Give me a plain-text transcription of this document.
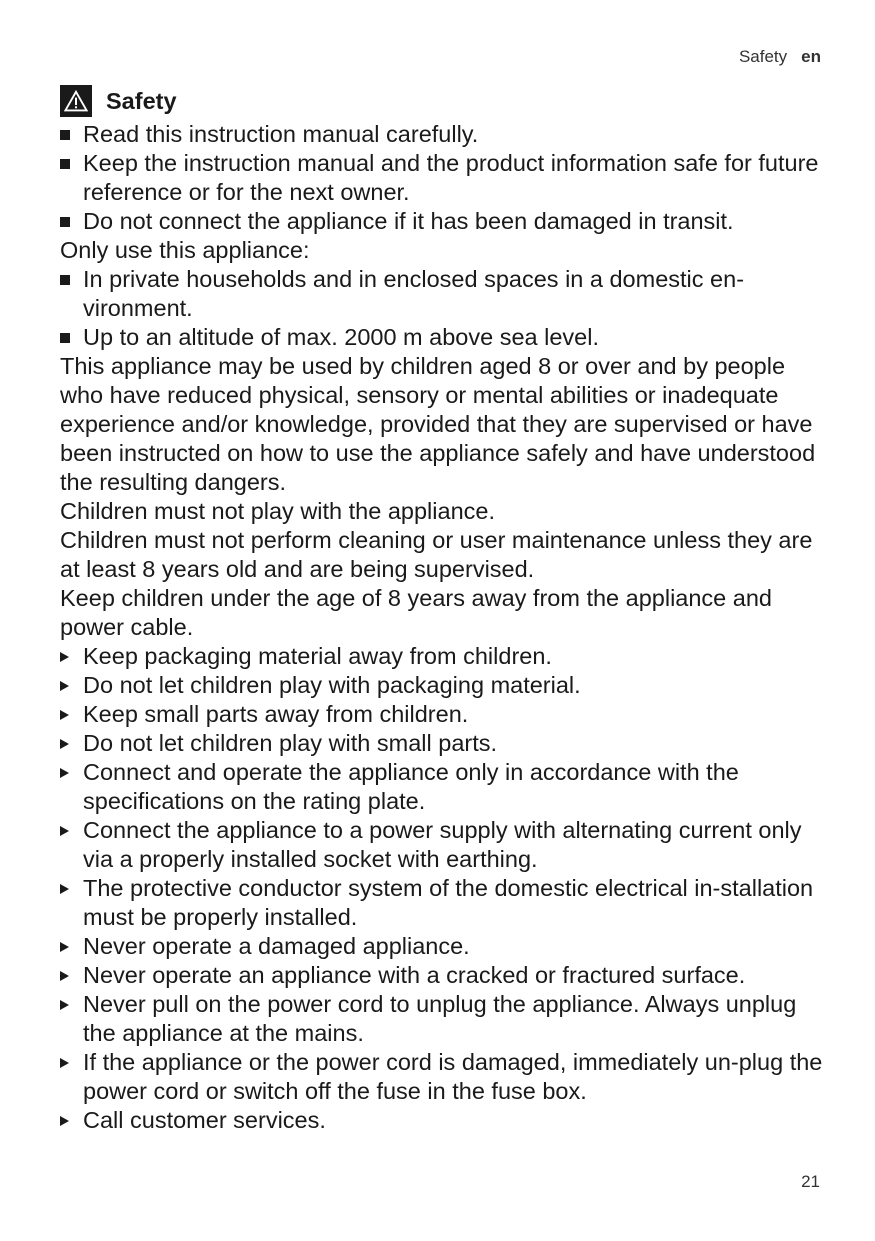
Safety en
Safety
Read this instruction manual carefully.
Keep the instruction manual and the product information safe for future reference or for the next owner.
Do not connect the appliance if it has been damaged in transit.
Only use this appliance:
In private households and in enclosed spaces in a domestic en-vironment.
Up to an altitude of max. 2000 m above sea level.
This appliance may be used by children aged 8 or over and by people who have reduced physical, sensory or mental abilities or inadequate experience and/or knowledge, provided that they are supervised or have been instructed on how to use the appliance safely and have understood the resulting dangers.
Children must not play with the appliance.
Children must not perform cleaning or user maintenance unless they are at least 8 years old and are being supervised.
Keep children under the age of 8 years away from the appliance and power cable.
Keep packaging material away from children.
Do not let children play with packaging material.
Keep small parts away from children.
Do not let children play with small parts.
Connect and operate the appliance only in accordance with the specifications on the rating plate.
Connect the appliance to a power supply with alternating current only via a properly installed socket with earthing.
The protective conductor system of the domestic electrical in-stallation must be properly installed.
Never operate a damaged appliance.
Never operate an appliance with a cracked or fractured surface.
Never pull on the power cord to unplug the appliance. Always unplug the appliance at the mains.
If the appliance or the power cord is damaged, immediately un-plug the power cord or switch off the fuse in the fuse box.
Call customer services.
21
